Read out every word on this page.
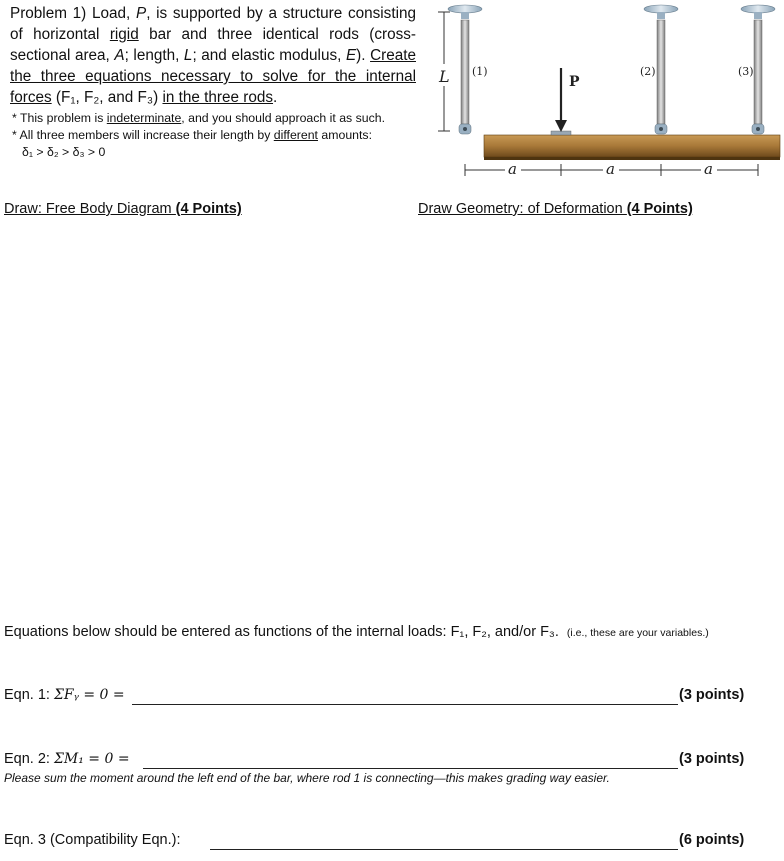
Problem 1) Load, P, is supported by a structure consisting of horizontal rigid bar and three identical rods (cross-sectional area, A; length, L; and elastic modulus, E). Create the three equations necessary to solve for the internal forces (F₁, F₂, and F₃) in the three rods.
* This problem is indeterminate, and you should approach it as such.
* All three members will increase their length by different amounts:
δ₁ > δ₂ > δ₃ > 0
L (1)	(2)	(3)
P
a	a	a
Draw: Free Body Diagram (4 Points)	Draw Geometry: of Deformation (4 Points)
Equations below should be entered as functions of the internal loads: F₁, F₂, and/or F₃. (i.e., these are your variables.)
Eqn. 1: ΣFᵧ = 0 =	(3 points)
Eqn. 2: ΣM₁ = 0 =	(3 points)
Please sum the moment around the left end of the bar, where rod 1 is connecting—this makes grading way easier.
Eqn. 3 (Compatibility Eqn.):	(6 points)
